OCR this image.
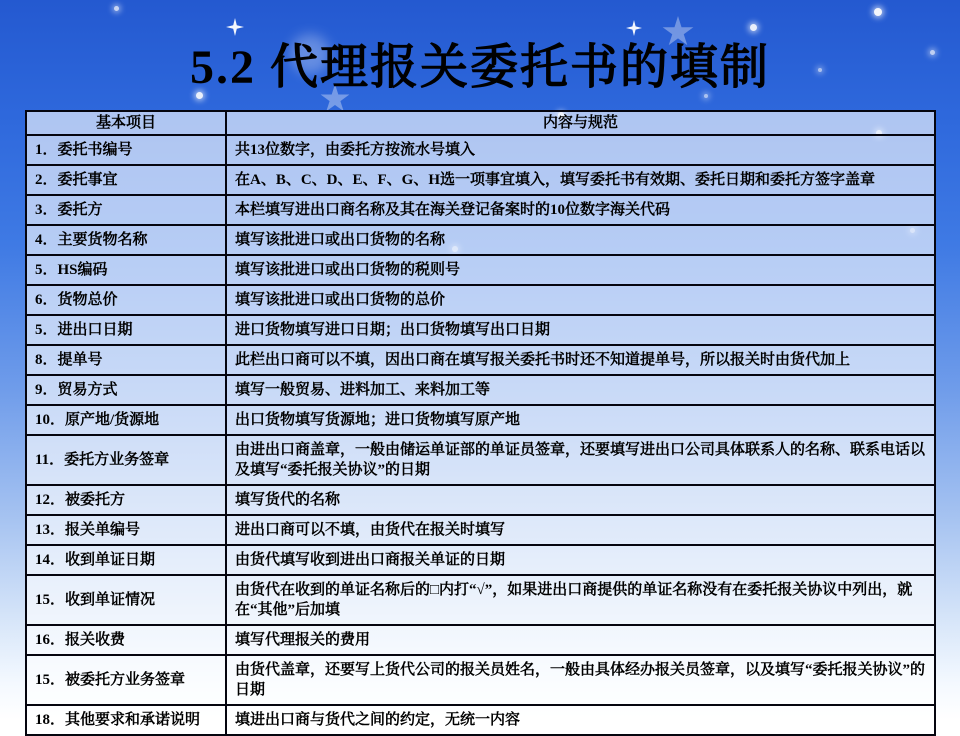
5.2 代理报关委托书的填制
基本项目	内容与规范
1．委托书编号	共13位数字，由委托方按流水号填入
2．委托事宜	在A、B、C、D、E、F、G、H选一项事宜填入，填写委托书有效期、委托日期和委托方签字盖章
3．委托方	本栏填写进出口商名称及其在海关登记备案时的10位数字海关代码
4．主要货物名称	填写该批进口或出口货物的名称
5．HS编码	填写该批进口或出口货物的税则号
6．货物总价	填写该批进口或出口货物的总价
5．进出口日期	进口货物填写进口日期；出口货物填写出口日期
8．提单号	此栏出口商可以不填，因出口商在填写报关委托书时还不知道提单号，所以报关时由货代加上
9．贸易方式	填写一般贸易、进料加工、来料加工等
10．原产地/货源地	出口货物填写货源地；进口货物填写原产地
11．委托方业务签章	由进出口商盖章，一般由储运单证部的单证员签章，还要填写进出口公司具体联系人的名称、联系电话以及填写“委托报关协议”的日期
12．被委托方	填写货代的名称
13．报关单编号	进出口商可以不填，由货代在报关时填写
14．收到单证日期	由货代填写收到进出口商报关单证的日期
15．收到单证情况	由货代在收到的单证名称后的□内打“√”，如果进出口商提供的单证名称没有在委托报关协议中列出，就在“其他”后加填
16．报关收费	填写代理报关的费用
15．被委托方业务签章	由货代盖章，还要写上货代公司的报关员姓名，一般由具体经办报关员签章，以及填写“委托报关协议”的日期
18．其他要求和承诺说明	填进出口商与货代之间的约定，无统一内容
